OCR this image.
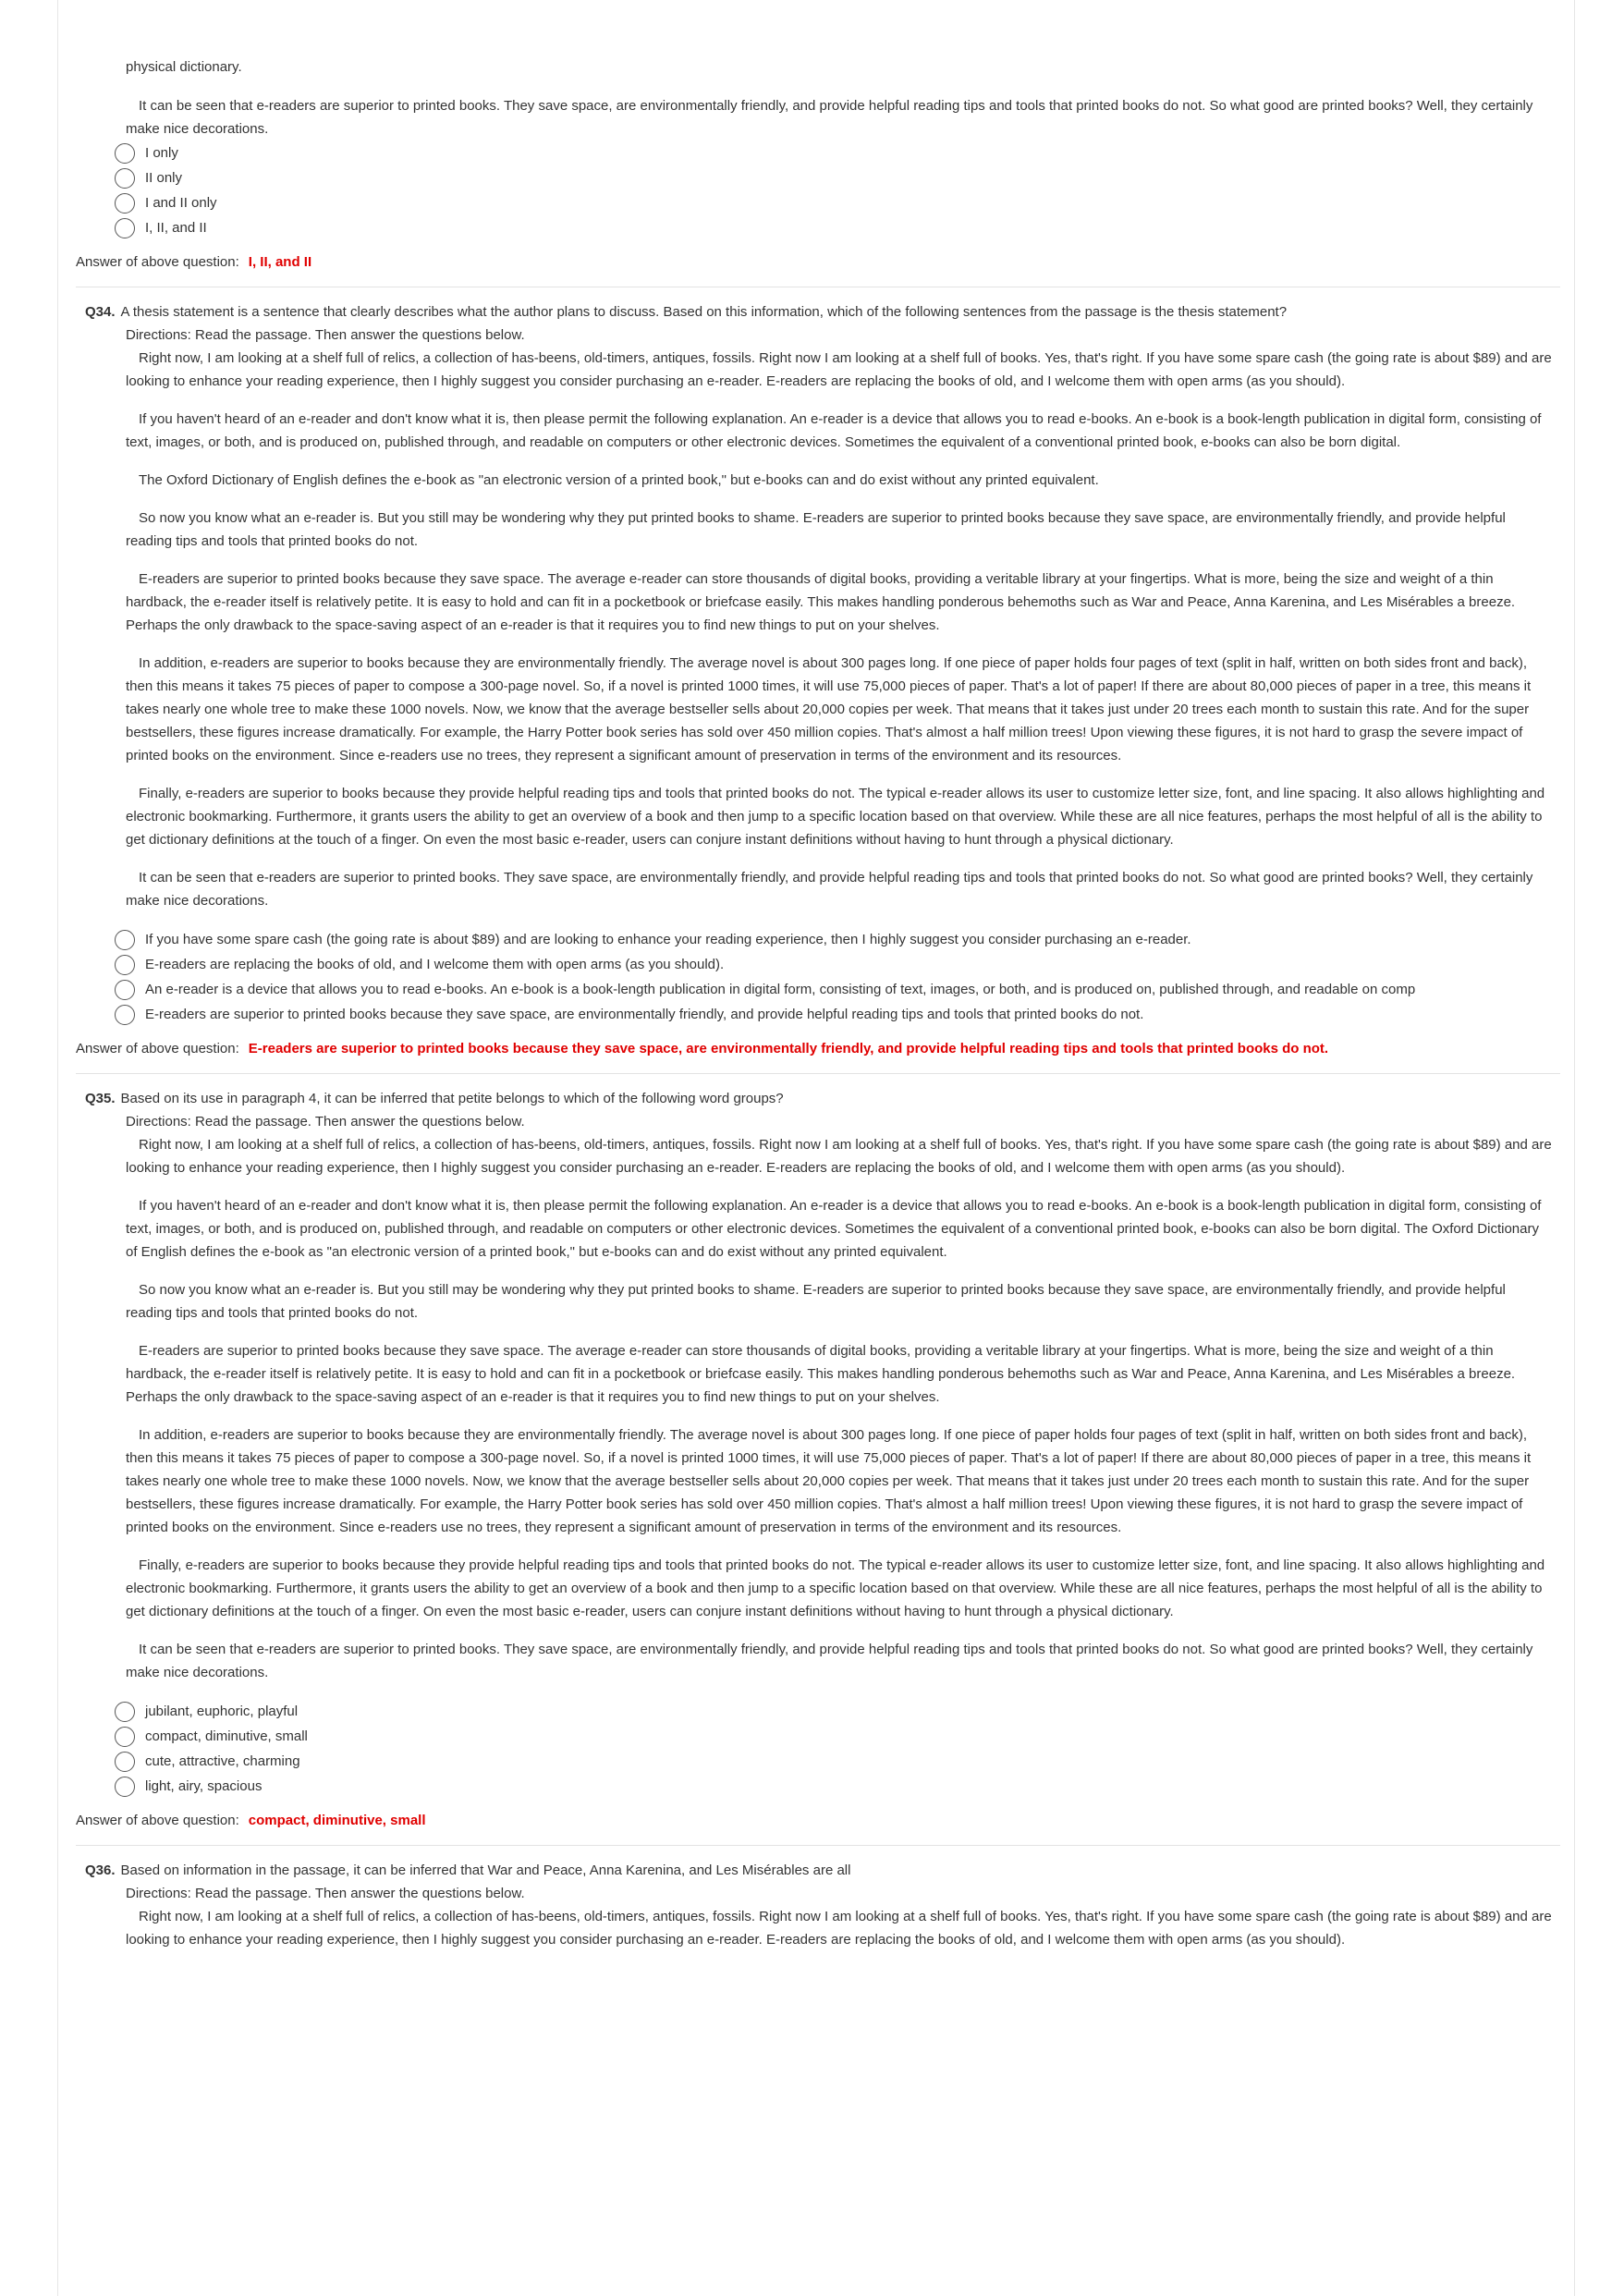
physical dictionary.

It can be seen that e-readers are superior to printed books. They save space, are environmentally friendly, and provide helpful reading tips and tools that printed books do not. So what good are printed books? Well, they certainly make nice decorations.

I only
II only
I and II only
I, II, and II
Answer of above question: I, II, and II
Q34. A thesis statement is a sentence that clearly describes what the author plans to discuss. Based on this information, which of the following sentences from the passage is the thesis statement?
Directions: Read the passage. Then answer the questions below.

Right now, I am looking at a shelf full of relics, a collection of has-beens, old-timers, antiques, fossils. Right now I am looking at a shelf full of books. Yes, that's right. If you have some spare cash (the going rate is about $89) and are looking to enhance your reading experience, then I highly suggest you consider purchasing an e-reader. E-readers are replacing the books of old, and I welcome them with open arms (as you should).

If you haven't heard of an e-reader and don't know what it is, then please permit the following explanation. An e-reader is a device that allows you to read e-books. An e-book is a book-length publication in digital form, consisting of text, images, or both, and is produced on, published through, and readable on computers or other electronic devices. Sometimes the equivalent of a conventional printed book, e-books can also be born digital.

The Oxford Dictionary of English defines the e-book as "an electronic version of a printed book," but e-books can and do exist without any printed equivalent.

So now you know what an e-reader is. But you still may be wondering why they put printed books to shame. E-readers are superior to printed books because they save space, are environmentally friendly, and provide helpful reading tips and tools that printed books do not.

E-readers are superior to printed books because they save space. The average e-reader can store thousands of digital books, providing a veritable library at your fingertips. What is more, being the size and weight of a thin hardback, the e-reader itself is relatively petite. It is easy to hold and can fit in a pocketbook or briefcase easily. This makes handling ponderous behemoths such as War and Peace, Anna Karenina, and Les Misérables a breeze. Perhaps the only drawback to the space-saving aspect of an e-reader is that it requires you to find new things to put on your shelves.

In addition, e-readers are superior to books because they are environmentally friendly. The average novel is about 300 pages long. If one piece of paper holds four pages of text (split in half, written on both sides front and back), then this means it takes 75 pieces of paper to compose a 300-page novel. So, if a novel is printed 1000 times, it will use 75,000 pieces of paper. That's a lot of paper! If there are about 80,000 pieces of paper in a tree, this means it takes nearly one whole tree to make these 1000 novels. Now, we know that the average bestseller sells about 20,000 copies per week. That means that it takes just under 20 trees each month to sustain this rate. And for the super bestsellers, these figures increase dramatically. For example, the Harry Potter book series has sold over 450 million copies. That's almost a half million trees! Upon viewing these figures, it is not hard to grasp the severe impact of printed books on the environment. Since e-readers use no trees, they represent a significant amount of preservation in terms of the environment and its resources.

Finally, e-readers are superior to books because they provide helpful reading tips and tools that printed books do not. The typical e-reader allows its user to customize letter size, font, and line spacing. It also allows highlighting and electronic bookmarking. Furthermore, it grants users the ability to get an overview of a book and then jump to a specific location based on that overview. While these are all nice features, perhaps the most helpful of all is the ability to get dictionary definitions at the touch of a finger. On even the most basic e-reader, users can conjure instant definitions without having to hunt through a physical dictionary.

It can be seen that e-readers are superior to printed books. They save space, are environmentally friendly, and provide helpful reading tips and tools that printed books do not. So what good are printed books? Well, they certainly make nice decorations.

If you have some spare cash (the going rate is about $89) and are looking to enhance your reading experience, then I highly suggest you consider purchasing an e-reader.
E-readers are replacing the books of old, and I welcome them with open arms (as you should).
An e-reader is a device that allows you to read e-books. An e-book is a book-length publication in digital form, consisting of text, images, or both, and is produced on, published through, and readable on comp
E-readers are superior to printed books because they save space, are environmentally friendly, and provide helpful reading tips and tools that printed books do not.
Answer of above question: E-readers are superior to printed books because they save space, are environmentally friendly, and provide helpful reading tips and tools that printed books do not.
Q35. Based on its use in paragraph 4, it can be inferred that petite belongs to which of the following word groups?
Directions: Read the passage. Then answer the questions below.

Right now, I am looking at a shelf full of relics, a collection of has-beens, old-timers, antiques, fossils. Right now I am looking at a shelf full of books. Yes, that's right. If you have some spare cash (the going rate is about $89) and are looking to enhance your reading experience, then I highly suggest you consider purchasing an e-reader. E-readers are replacing the books of old, and I welcome them with open arms (as you should).

If you haven't heard of an e-reader and don't know what it is, then please permit the following explanation. An e-reader is a device that allows you to read e-books. An e-book is a book-length publication in digital form, consisting of text, images, or both, and is produced on, published through, and readable on computers or other electronic devices. Sometimes the equivalent of a conventional printed book, e-books can also be born digital. The Oxford Dictionary of English defines the e-book as "an electronic version of a printed book," but e-books can and do exist without any printed equivalent.

So now you know what an e-reader is. But you still may be wondering why they put printed books to shame. E-readers are superior to printed books because they save space, are environmentally friendly, and provide helpful reading tips and tools that printed books do not.

E-readers are superior to printed books because they save space. The average e-reader can store thousands of digital books, providing a veritable library at your fingertips. What is more, being the size and weight of a thin hardback, the e-reader itself is relatively petite. It is easy to hold and can fit in a pocketbook or briefcase easily. This makes handling ponderous behemoths such as War and Peace, Anna Karenina, and Les Misérables a breeze. Perhaps the only drawback to the space-saving aspect of an e-reader is that it requires you to find new things to put on your shelves.

In addition, e-readers are superior to books because they are environmentally friendly. The average novel is about 300 pages long. If one piece of paper holds four pages of text (split in half, written on both sides front and back), then this means it takes 75 pieces of paper to compose a 300-page novel. So, if a novel is printed 1000 times, it will use 75,000 pieces of paper. That's a lot of paper! If there are about 80,000 pieces of paper in a tree, this means it takes nearly one whole tree to make these 1000 novels. Now, we know that the average bestseller sells about 20,000 copies per week. That means that it takes just under 20 trees each month to sustain this rate. And for the super bestsellers, these figures increase dramatically. For example, the Harry Potter book series has sold over 450 million copies. That's almost a half million trees! Upon viewing these figures, it is not hard to grasp the severe impact of printed books on the environment. Since e-readers use no trees, they represent a significant amount of preservation in terms of the environment and its resources.

Finally, e-readers are superior to books because they provide helpful reading tips and tools that printed books do not. The typical e-reader allows its user to customize letter size, font, and line spacing. It also allows highlighting and electronic bookmarking. Furthermore, it grants users the ability to get an overview of a book and then jump to a specific location based on that overview. While these are all nice features, perhaps the most helpful of all is the ability to get dictionary definitions at the touch of a finger. On even the most basic e-reader, users can conjure instant definitions without having to hunt through a physical dictionary.

It can be seen that e-readers are superior to printed books. They save space, are environmentally friendly, and provide helpful reading tips and tools that printed books do not. So what good are printed books? Well, they certainly make nice decorations.

jubilant, euphoric, playful
compact, diminutive, small
cute, attractive, charming
light, airy, spacious
Answer of above question: compact, diminutive, small
Q36. Based on information in the passage, it can be inferred that War and Peace, Anna Karenina, and Les Misérables are all
Directions: Read the passage. Then answer the questions below.

Right now, I am looking at a shelf full of relics, a collection of has-beens, old-timers, antiques, fossils. Right now I am looking at a shelf full of books. Yes, that's right. If you have some spare cash (the going rate is about $89) and are looking to enhance your reading experience, then I highly suggest you consider purchasing an e-reader. E-readers are replacing the books of old, and I welcome them with open arms (as you should).
